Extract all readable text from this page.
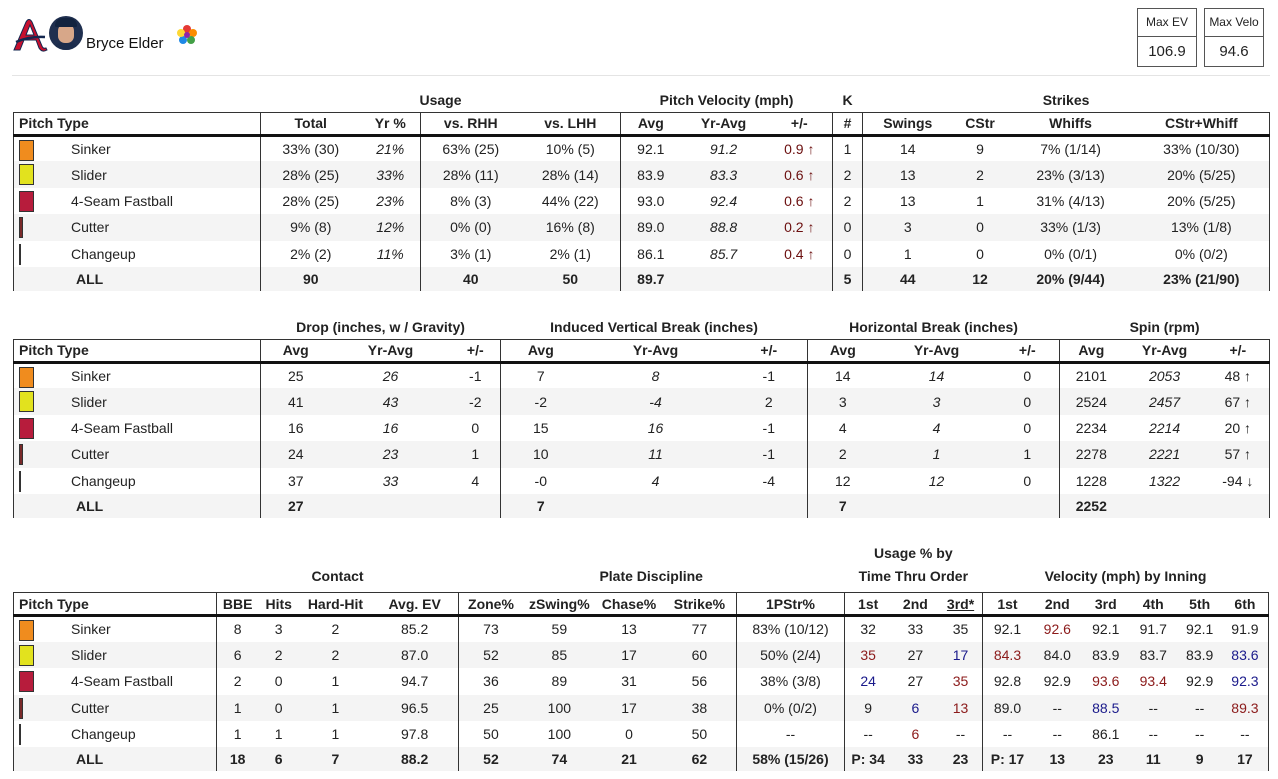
Bryce Elder
Max EV
106.9
Max Velo
94.6
	Usage				Pitch Velocity (mph)			K	Strikes			
Pitch Type	Total	Yr %	vs. RHH	vs. LHH	Avg	Yr-Avg	+/-	#	Swings	CStr	Whiffs	CStr+Whiff

Sinker	33% (30)	21%	63% (25)	10% (5)	92.1	91.2	0.9 ↑	1	14	9	7% (1/14)	33% (10/30)

Slider	28% (25)	33%	28% (11)	28% (14)	83.9	83.3	0.6 ↑	2	13	2	23% (3/13)	20% (5/25)

4-Seam Fastball	28% (25)	23%	8% (3)	44% (22)	93.0	92.4	0.6 ↑	2	13	1	31% (4/13)	20% (5/25)

Cutter	9% (8)	12%	0% (0)	16% (8)	89.0	88.8	0.2 ↑	0	3	0	33% (1/3)	13% (1/8)

Changeup	2% (2)	11%	3% (1)	2% (1)	86.1	85.7	0.4 ↑	0	1	0	0% (0/1)	0% (0/2)
ALL	90		40	50	89.7			5	44	12	20% (9/44)	23% (21/90)
	Drop (inches, w / Gravity)			Induced Vertical Break (inches)			Horizontal Break (inches)			Spin (rpm)		
Pitch Type	Avg	Yr-Avg	+/-	Avg	Yr-Avg	+/-	Avg	Yr-Avg	+/-	Avg	Yr-Avg	+/-

Sinker	25	26	-1	7	8	-1	14	14	0	2101	2053	48 ↑

Slider	41	43	-2	-2	-4	2	3	3	0	2524	2457	67 ↑

4-Seam Fastball	16	16	0	15	16	-1	4	4	0	2234	2214	20 ↑

Cutter	24	23	1	10	11	-1	2	1	1	2278	2221	57 ↑

Changeup	37	33	4	-0	4	-4	12	12	0	1228	1322	-94 ↓
ALL	27			7			7			2252		
	Contact				Plate Discipline					Usage % by
Time Thru Order			Velocity (mph) by Inning					
Pitch Type	BBE	Hits	Hard-Hit	Avg. EV	Zone%	zSwing%	Chase%	Strike%	1PStr%	1st	2nd	3rd*	1st	2nd	3rd	4th	5th	6th

Sinker	8	3	2	85.2	73	59	13	77	83% (10/12)	32	33	35	92.1	92.6	92.1	91.7	92.1	91.9

Slider	6	2	2	87.0	52	85	17	60	50% (2/4)	35	27	17	84.3	84.0	83.9	83.7	83.9	83.6

4-Seam Fastball	2	0	1	94.7	36	89	31	56	38% (3/8)	24	27	35	92.8	92.9	93.6	93.4	92.9	92.3

Cutter	1	0	1	96.5	25	100	17	38	0% (0/2)	9	6	13	89.0	--	88.5	--	--	89.3

Changeup	1	1	1	97.8	50	100	0	50	--	--	6	--	--	--	86.1	--	--	--
ALL	18	6	7	88.2	52	74	21	62	58% (15/26)	P: 34	33	23	P: 17	13	23	11	9	17
